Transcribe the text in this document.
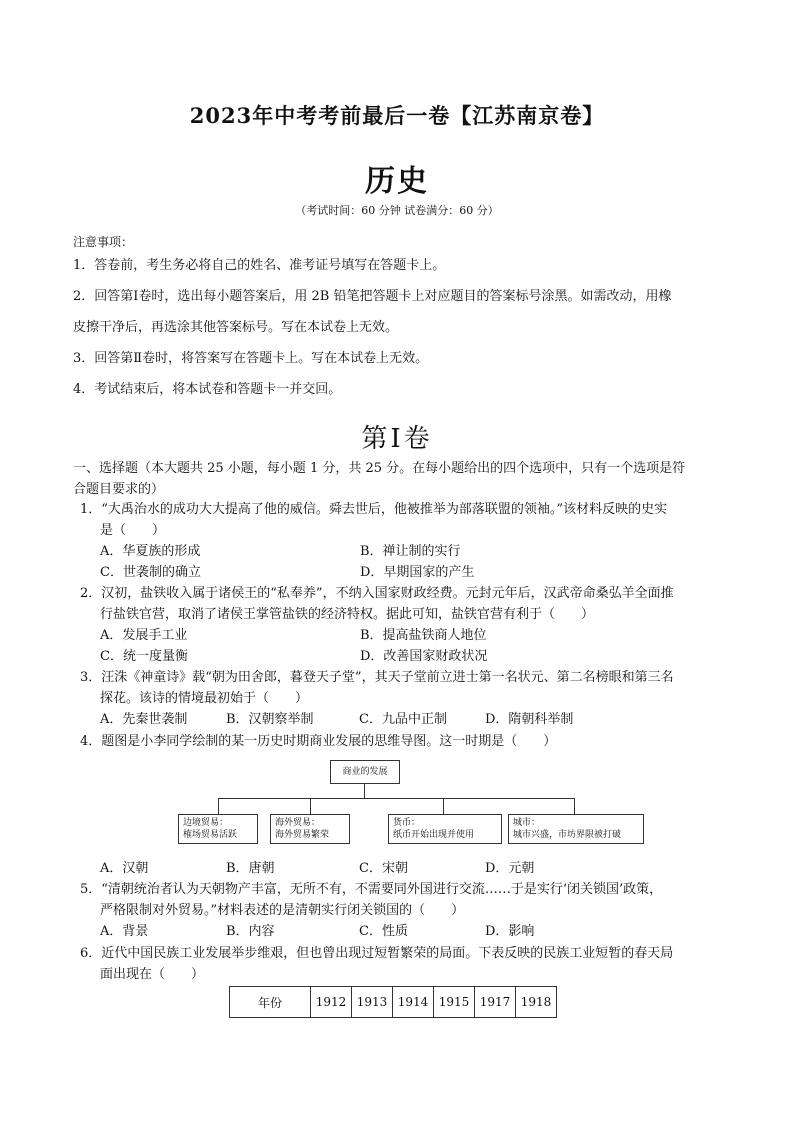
2023年中考考前最后一卷【江苏南京卷】
历史
（考试时间：60 分钟 试卷满分：60 分）
注意事项：
1．答卷前，考生务必将自己的姓名、准考证号填写在答题卡上。
2．回答第Ⅰ卷时，选出每小题答案后，用 2B 铅笔把答题卡上对应题目的答案标号涂黑。如需改动，用橡
皮擦干净后，再选涂其他答案标号。写在本试卷上无效。
3．回答第Ⅱ卷时，将答案写在答题卡上。写在本试卷上无效。
4．考试结束后，将本试卷和答题卡一并交回。
第Ⅰ卷
一、选择题（本大题共 25 小题，每小题 1 分，共 25 分。在每小题给出的四个选项中，只有一个选项是符
合题目要求的）
1．“大禹治水的成功大大提高了他的威信。舜去世后，他被推举为部落联盟的领袖。”该材料反映的史实
是（　　）
A．华夏族的形成	B．禅让制的实行
C．世袭制的确立	D．早期国家的产生
2．汉初，盐铁收入属于诸侯王的“私奉养”，不纳入国家财政经费。元封元年后，汉武帝命桑弘羊全面推
行盐铁官营，取消了诸侯王掌管盐铁的经济特权。据此可知，盐铁官营有利于（　　）
A．发展手工业	B．提高盐铁商人地位
C．统一度量衡	D．改善国家财政状况
3．汪洙《神童诗》载“朝为田舍郎，暮登天子堂”，其天子堂前立进士第一名状元、第二名榜眼和第三名
探花。该诗的情境最初始于（　　）
A．先秦世袭制	B．汉朝察举制	C．九品中正制	D．隋朝科举制
4．题图是小李同学绘制的某一历史时期商业发展的思维导图。这一时期是（　　）
商业的发展
边境贸易：
榷场贸易活跃
海外贸易：
海外贸易繁荣
货币：
纸币开始出现并使用
城市：
城市兴盛，市坊界限被打破
A．汉朝	B．唐朝	C．宋朝	D．元朝
5．“清朝统治者认为天朝物产丰富，无所不有，不需要同外国进行交流……于是实行‘闭关锁国’政策，
严格限制对外贸易。”材料表述的是清朝实行闭关锁国的（　　）
A．背景	B．内容	C．性质	D．影响
6．近代中国民族工业发展举步维艰，但也曾出现过短暂繁荣的局面。下表反映的民族工业短暂的春天局
面出现在（　　）
年份	1912	1913	1914	1915	1917	1918
